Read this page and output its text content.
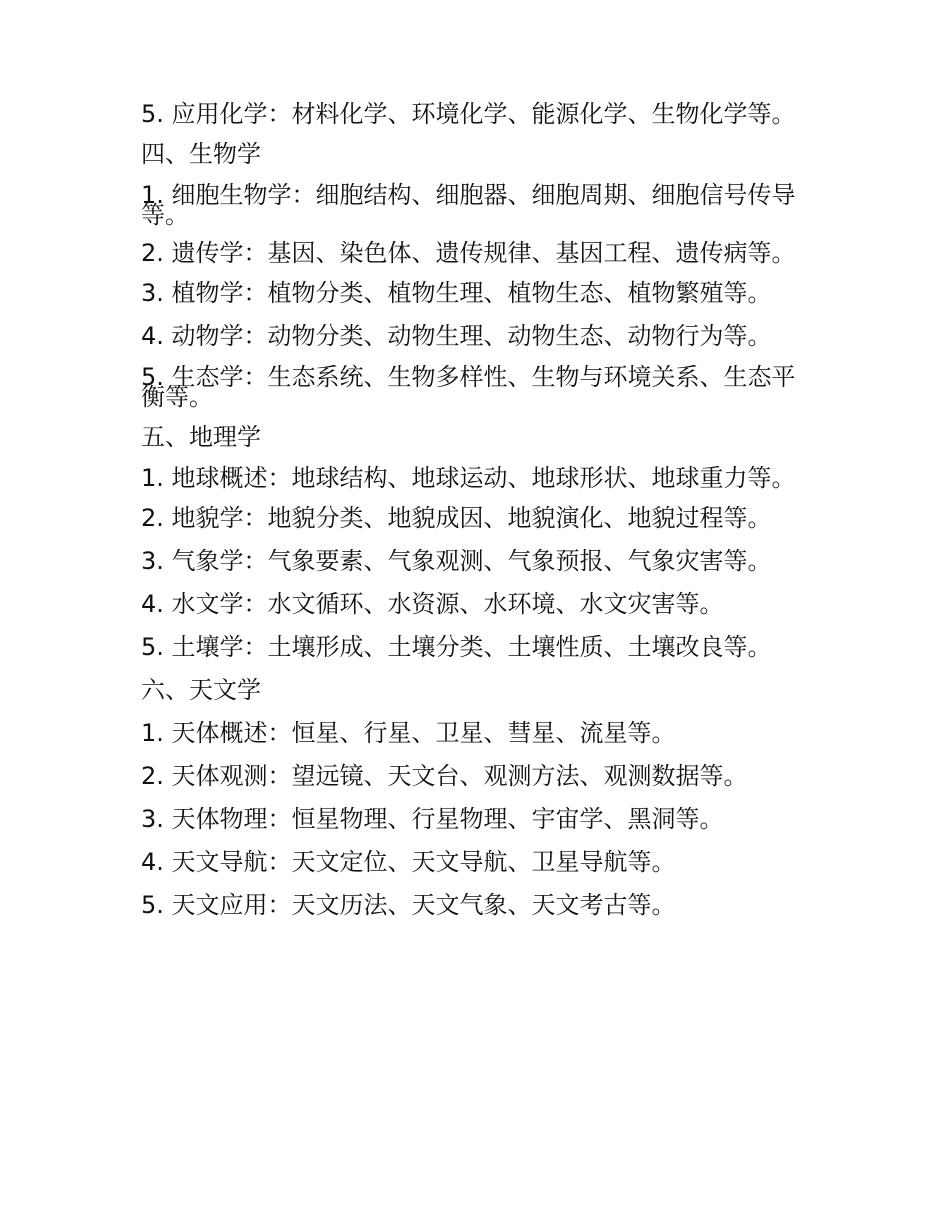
5. 应用化学：材料化学、环境化学、能源化学、生物化学等。

四、生物学

1. 细胞生物学：细胞结构、细胞器、细胞周期、细胞信号传导等。

2. 遗传学：基因、染色体、遗传规律、基因工程、遗传病等。

3. 植物学：植物分类、植物生理、植物生态、植物繁殖等。

4. 动物学：动物分类、动物生理、动物生态、动物行为等。

5. 生态学：生态系统、生物多样性、生物与环境关系、生态平衡等。

五、地理学

1. 地球概述：地球结构、地球运动、地球形状、地球重力等。

2. 地貌学：地貌分类、地貌成因、地貌演化、地貌过程等。

3. 气象学：气象要素、气象观测、气象预报、气象灾害等。

4. 水文学：水文循环、水资源、水环境、水文灾害等。

5. 土壤学：土壤形成、土壤分类、土壤性质、土壤改良等。

六、天文学

1. 天体概述：恒星、行星、卫星、彗星、流星等。

2. 天体观测：望远镜、天文台、观测方法、观测数据等。

3. 天体物理：恒星物理、行星物理、宇宙学、黑洞等。

4. 天文导航：天文定位、天文导航、卫星导航等。

5. 天文应用：天文历法、天文气象、天文考古等。
